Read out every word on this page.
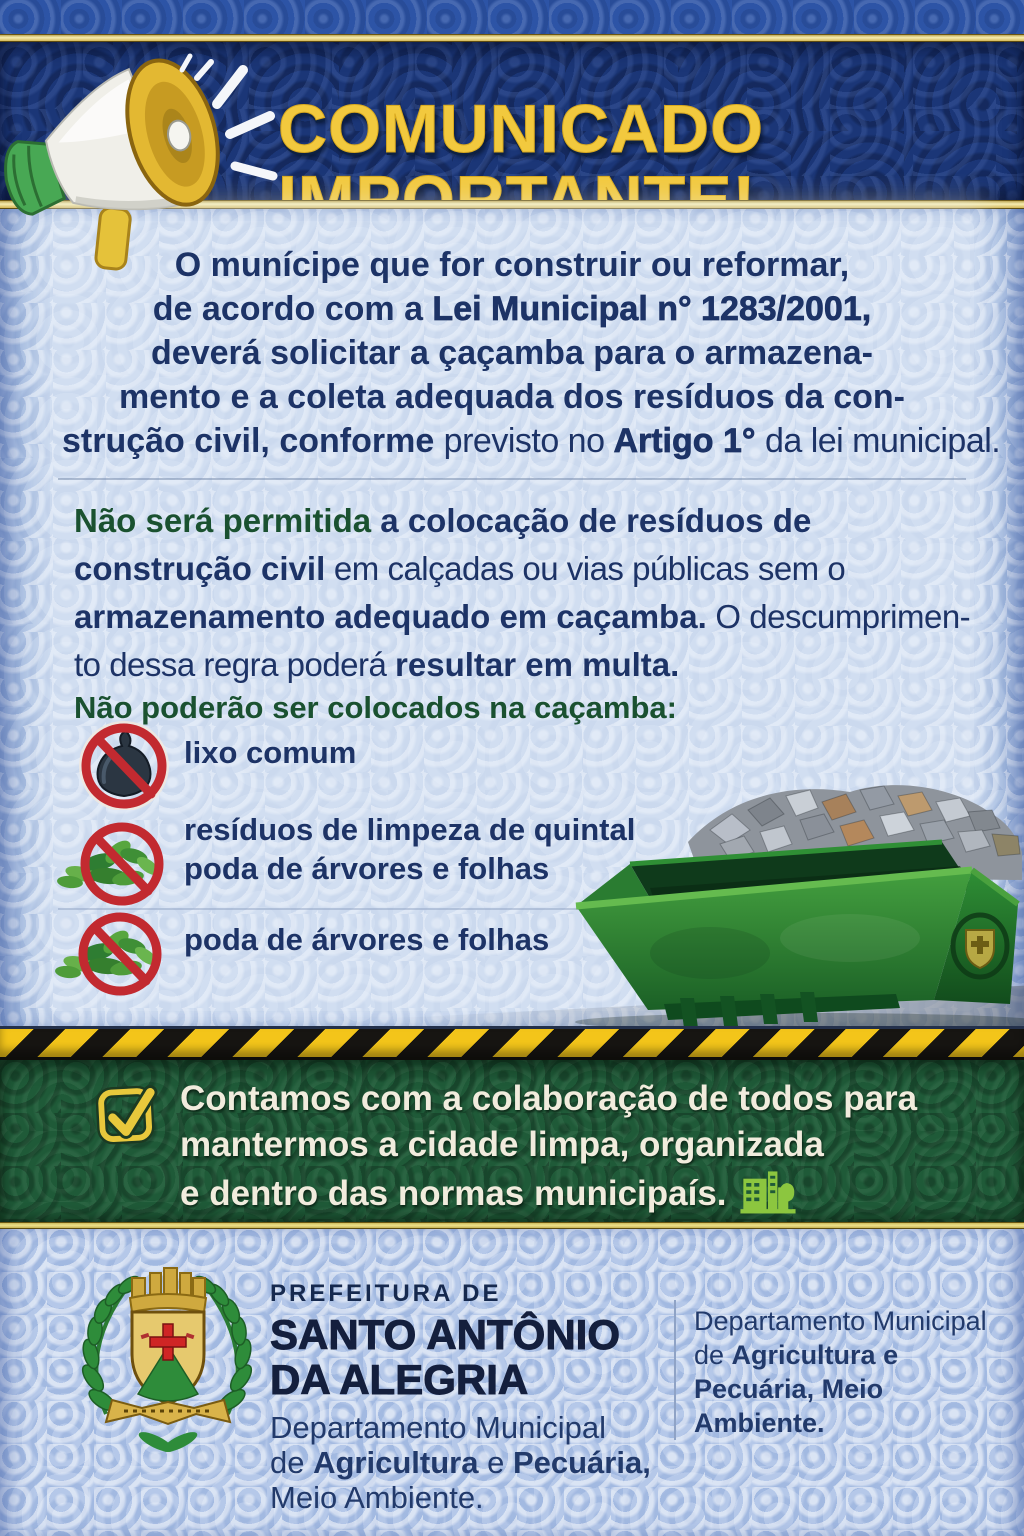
COMUNICADO
O munícipe que for construir ou reformar,
de acordo com a Lei Municipal n° 1283/2001,
deverá solicitar a çaçamba para o armazena-
mento e a coleta adequada dos resíduos da con-
strução civil, conforme previsto no Artigo 1° da lei municipal.
Não será permitida a colocação de resíduos de
construção civil em calçadas ou vias públicas sem o
armazenamento adequado em caçamba. O descumprimen-
to dessa regra poderá resultar em multa.
Não poderão ser colocados na caçamba:
lixo comum
resíduos de limpeza de quintal
poda de árvores e folhas
poda de árvores e folhas
Contamos com a colaboração de todos para
mantermos a cidade limpa, organizada
e dentro das normas municipaís.
PREFEITURA DE
SANTO ANTÔNIO
DA ALEGRIA
Departamento Municipal
de Agricultura e Pecuária,
Meio Ambiente.
Departamento Municipal
de Agricultura e
Pecuária, Meio
Ambiente.
